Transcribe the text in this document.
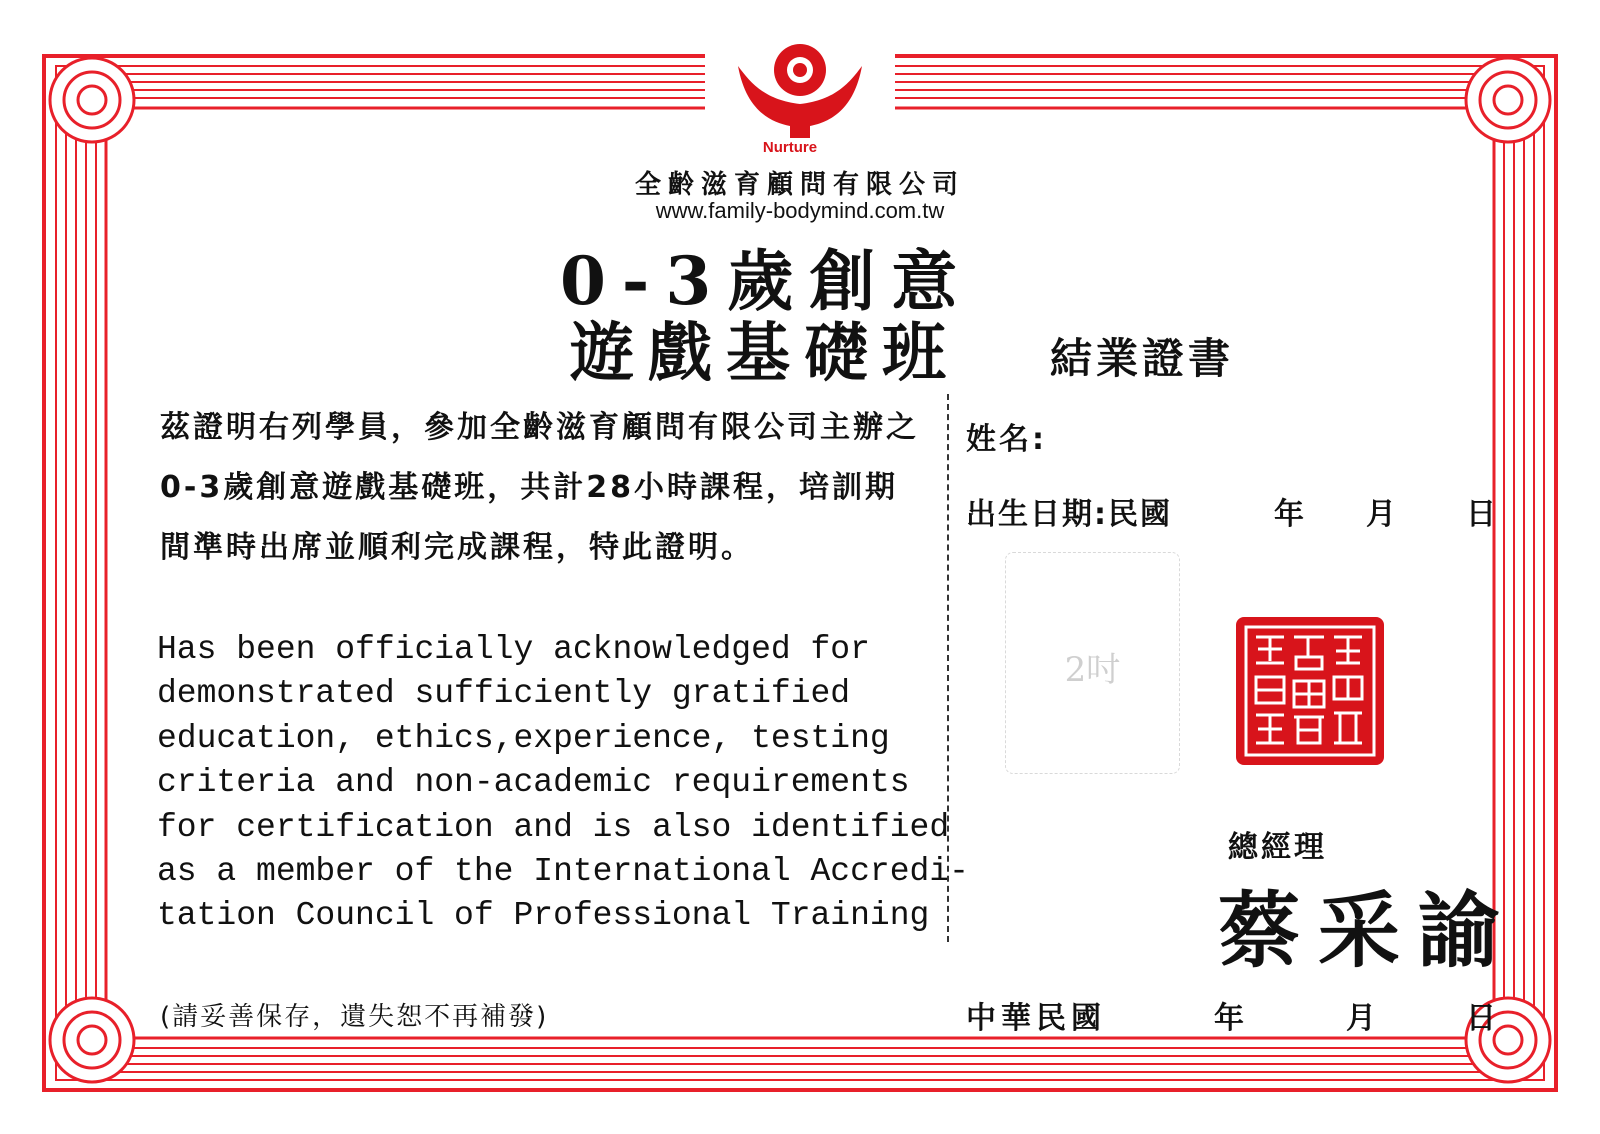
Nurture
全齡滋育顧問有限公司
www.family-bodymind.com.tw
0-3歲創意
遊戲基礎班	結業證書
茲證明右列學員，參加全齡滋育顧問有限公司主辦之0-3歲創意遊戲基礎班，共計28小時課程，培訓期間準時出席並順利完成課程，特此證明。
Has been officially acknowledged for
demonstrated sufficiently gratified
education, ethics,experience, testing
criteria and non-academic requirements
for certification and is also identified
as a member of the International Accredi-
tation Council of Professional Training
姓名:
出生日期:民國	年 月 日
2吋
總經理
蔡采諭
(請妥善保存，遺失恕不再補發)	中華民國	年	月	日
